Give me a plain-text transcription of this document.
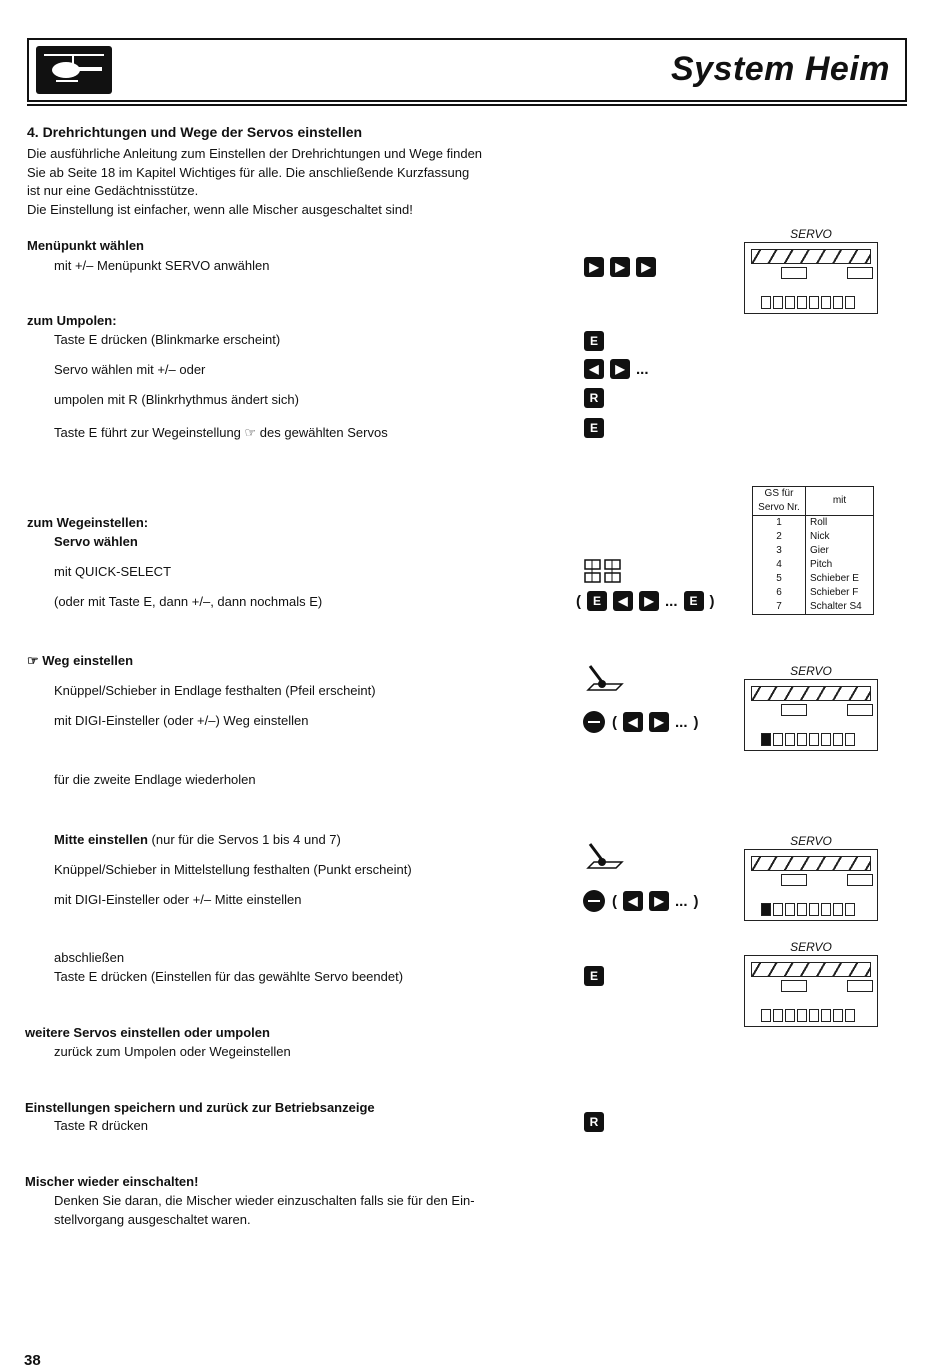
System Heim
4. Drehrichtungen und Wege der Servos einstellen
Die ausführliche Anleitung zum Einstellen der Drehrichtungen und Wege finden
Sie ab Seite 18 im Kapitel Wichtiges für alle. Die anschließende Kurzfassung
ist nur eine Gedächtnisstütze.
Die Einstellung ist einfacher, wenn alle Mischer ausgeschaltet sind!
Menüpunkt wählen
mit +/– Menüpunkt SERVO anwählen	▶	▶	▶
SERVO
zum Umpolen:
Taste E drücken (Blinkmarke erscheint)	E
Servo wählen mit +/– oder	◀	▶ ...
umpolen mit R (Blinkrhythmus ändert sich)	R
Taste E führt zur Wegeinstellung ☞ des gewählten Servos	E
GS für Servo Nr.	mit
1	Roll
2	Nick
3	Gier
4	Pitch
5	Schieber E
6	Schieber F
7	Schalter S4
zum Wegeinstellen:
Servo wählen
mit QUICK-SELECT
(oder mit Taste E, dann +/–, dann nochmals E)	( E	◀	▶ ... E )
☞ Weg einstellen
Knüppel/Schieber in Endlage festhalten (Pfeil erscheint)
mit DIGI-Einsteller (oder +/–) Weg einstellen	( ◀	▶ ... )
für die zweite Endlage wiederholen
SERVO
Mitte einstellen (nur für die Servos 1 bis 4 und 7)
Knüppel/Schieber in Mittelstellung festhalten (Punkt erscheint)
mit DIGI-Einsteller oder +/– Mitte einstellen	( ◀	▶ ... )
SERVO
abschließen
Taste E drücken (Einstellen für das gewählte Servo beendet)	E
SERVO
weitere Servos einstellen oder umpolen
zurück zum Umpolen oder Wegeinstellen
Einstellungen speichern und zurück zur Betriebsanzeige
Taste R drücken	R
Mischer wieder einschalten!
Denken Sie daran, die Mischer wieder einzuschalten falls sie für den Ein-
stellvorgang ausgeschaltet waren.
38
